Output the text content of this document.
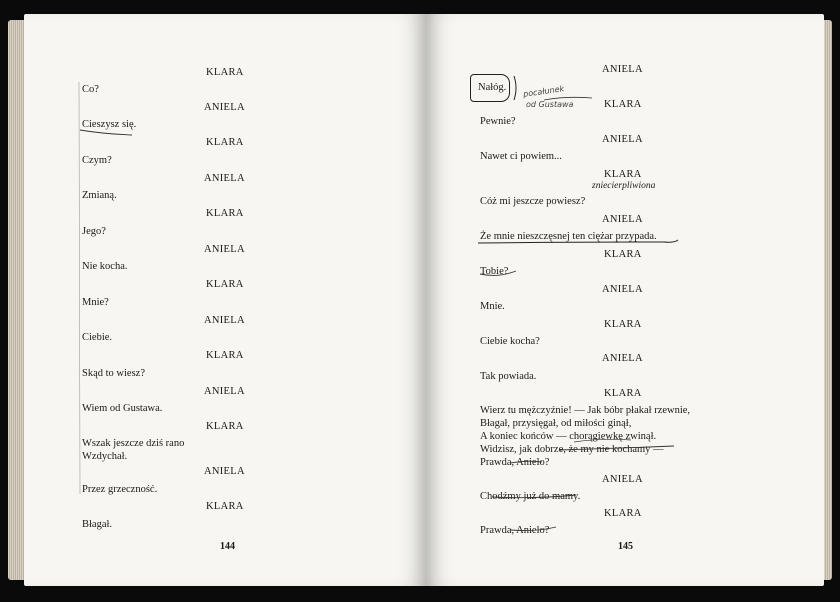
KLARA
Co?
ANIELA
Cieszysz się.
KLARA
Czym?
ANIELA
Zmianą.
KLARA
Jego?
ANIELA
Nie kocha.
KLARA
Mnie?
ANIELA
Ciebie.
KLARA
Skąd to wiesz?
ANIELA
Wiem od Gustawa.
KLARA
Wszak jeszcze dziś rano
Wzdychał.
ANIELA
Przez grzeczność.
KLARA
Błagał.
144
ANIELA
Nałóg. pocałunek
od Gustawa	KLARA
Pewnie?
ANIELA
Nawet ci powiem...
KLARA
zniecierpliwiona
Cóż mi jeszcze powiesz?
ANIELA
Że mnie nieszczęsnej ten ciężar przypada.
KLARA
Tobie?
ANIELA
Mnie.
KLARA
Ciebie kocha?
ANIELA
Tak powiada.
KLARA
Wierz tu mężczyźnie! — Jak bóbr płakał rzewnie,
Błagał, przysięgał, od miłości ginął,
A koniec końców — chorągiewkę zwinął.
Widzisz, jak dobrze, że my nie kochamy —
Prawda, Anielo?
ANIELA
Chodźmy już do mamy.
KLARA
Prawda, Anielo?
145
